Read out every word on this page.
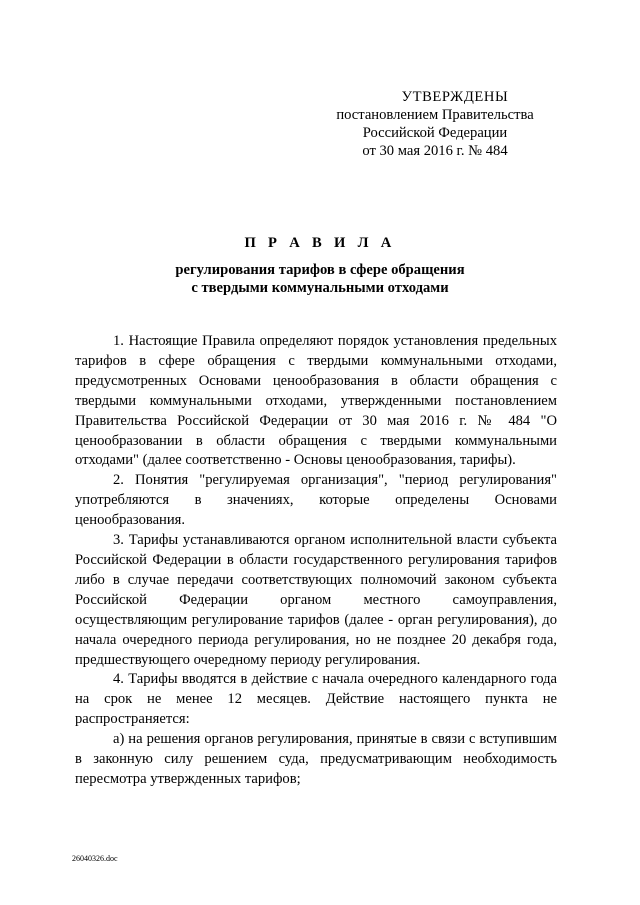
УТВЕРЖДЕНЫ
постановлением Правительства
Российской Федерации
от 30 мая 2016 г. № 484
П Р А В И Л А
регулирования тарифов в сфере обращения
с твердыми коммунальными отходами

1. Настоящие Правила определяют порядок установления предельных тарифов в сфере обращения с твердыми коммунальными отходами, предусмотренных Основами ценообразования в области обращения с твердыми коммунальными отходами, утвержденными постановлением Правительства Российской Федерации от 30 мая 2016 г. № 484 "О ценообразовании в области обращения с твердыми коммунальными отходами" (далее соответственно - Основы ценообразования, тарифы).

2. Понятия "регулируемая организация", "период регулирования" употребляются в значениях, которые определены Основами ценообразования.

3. Тарифы устанавливаются органом исполнительной власти субъекта Российской Федерации в области государственного регулирования тарифов либо в случае передачи соответствующих полномочий законом субъекта Российской Федерации органом местного самоуправления, осуществляющим регулирование тарифов (далее - орган регулирования), до начала очередного периода регулирования, но не позднее 20 декабря года, предшествующего очередному периоду регулирования.

4. Тарифы вводятся в действие с начала очередного календарного года на срок не менее 12 месяцев. Действие настоящего пункта не распространяется:

а) на решения органов регулирования, принятые в связи с вступившим в законную силу решением суда, предусматривающим необходимость пересмотра утвержденных тарифов;

26040326.doc
